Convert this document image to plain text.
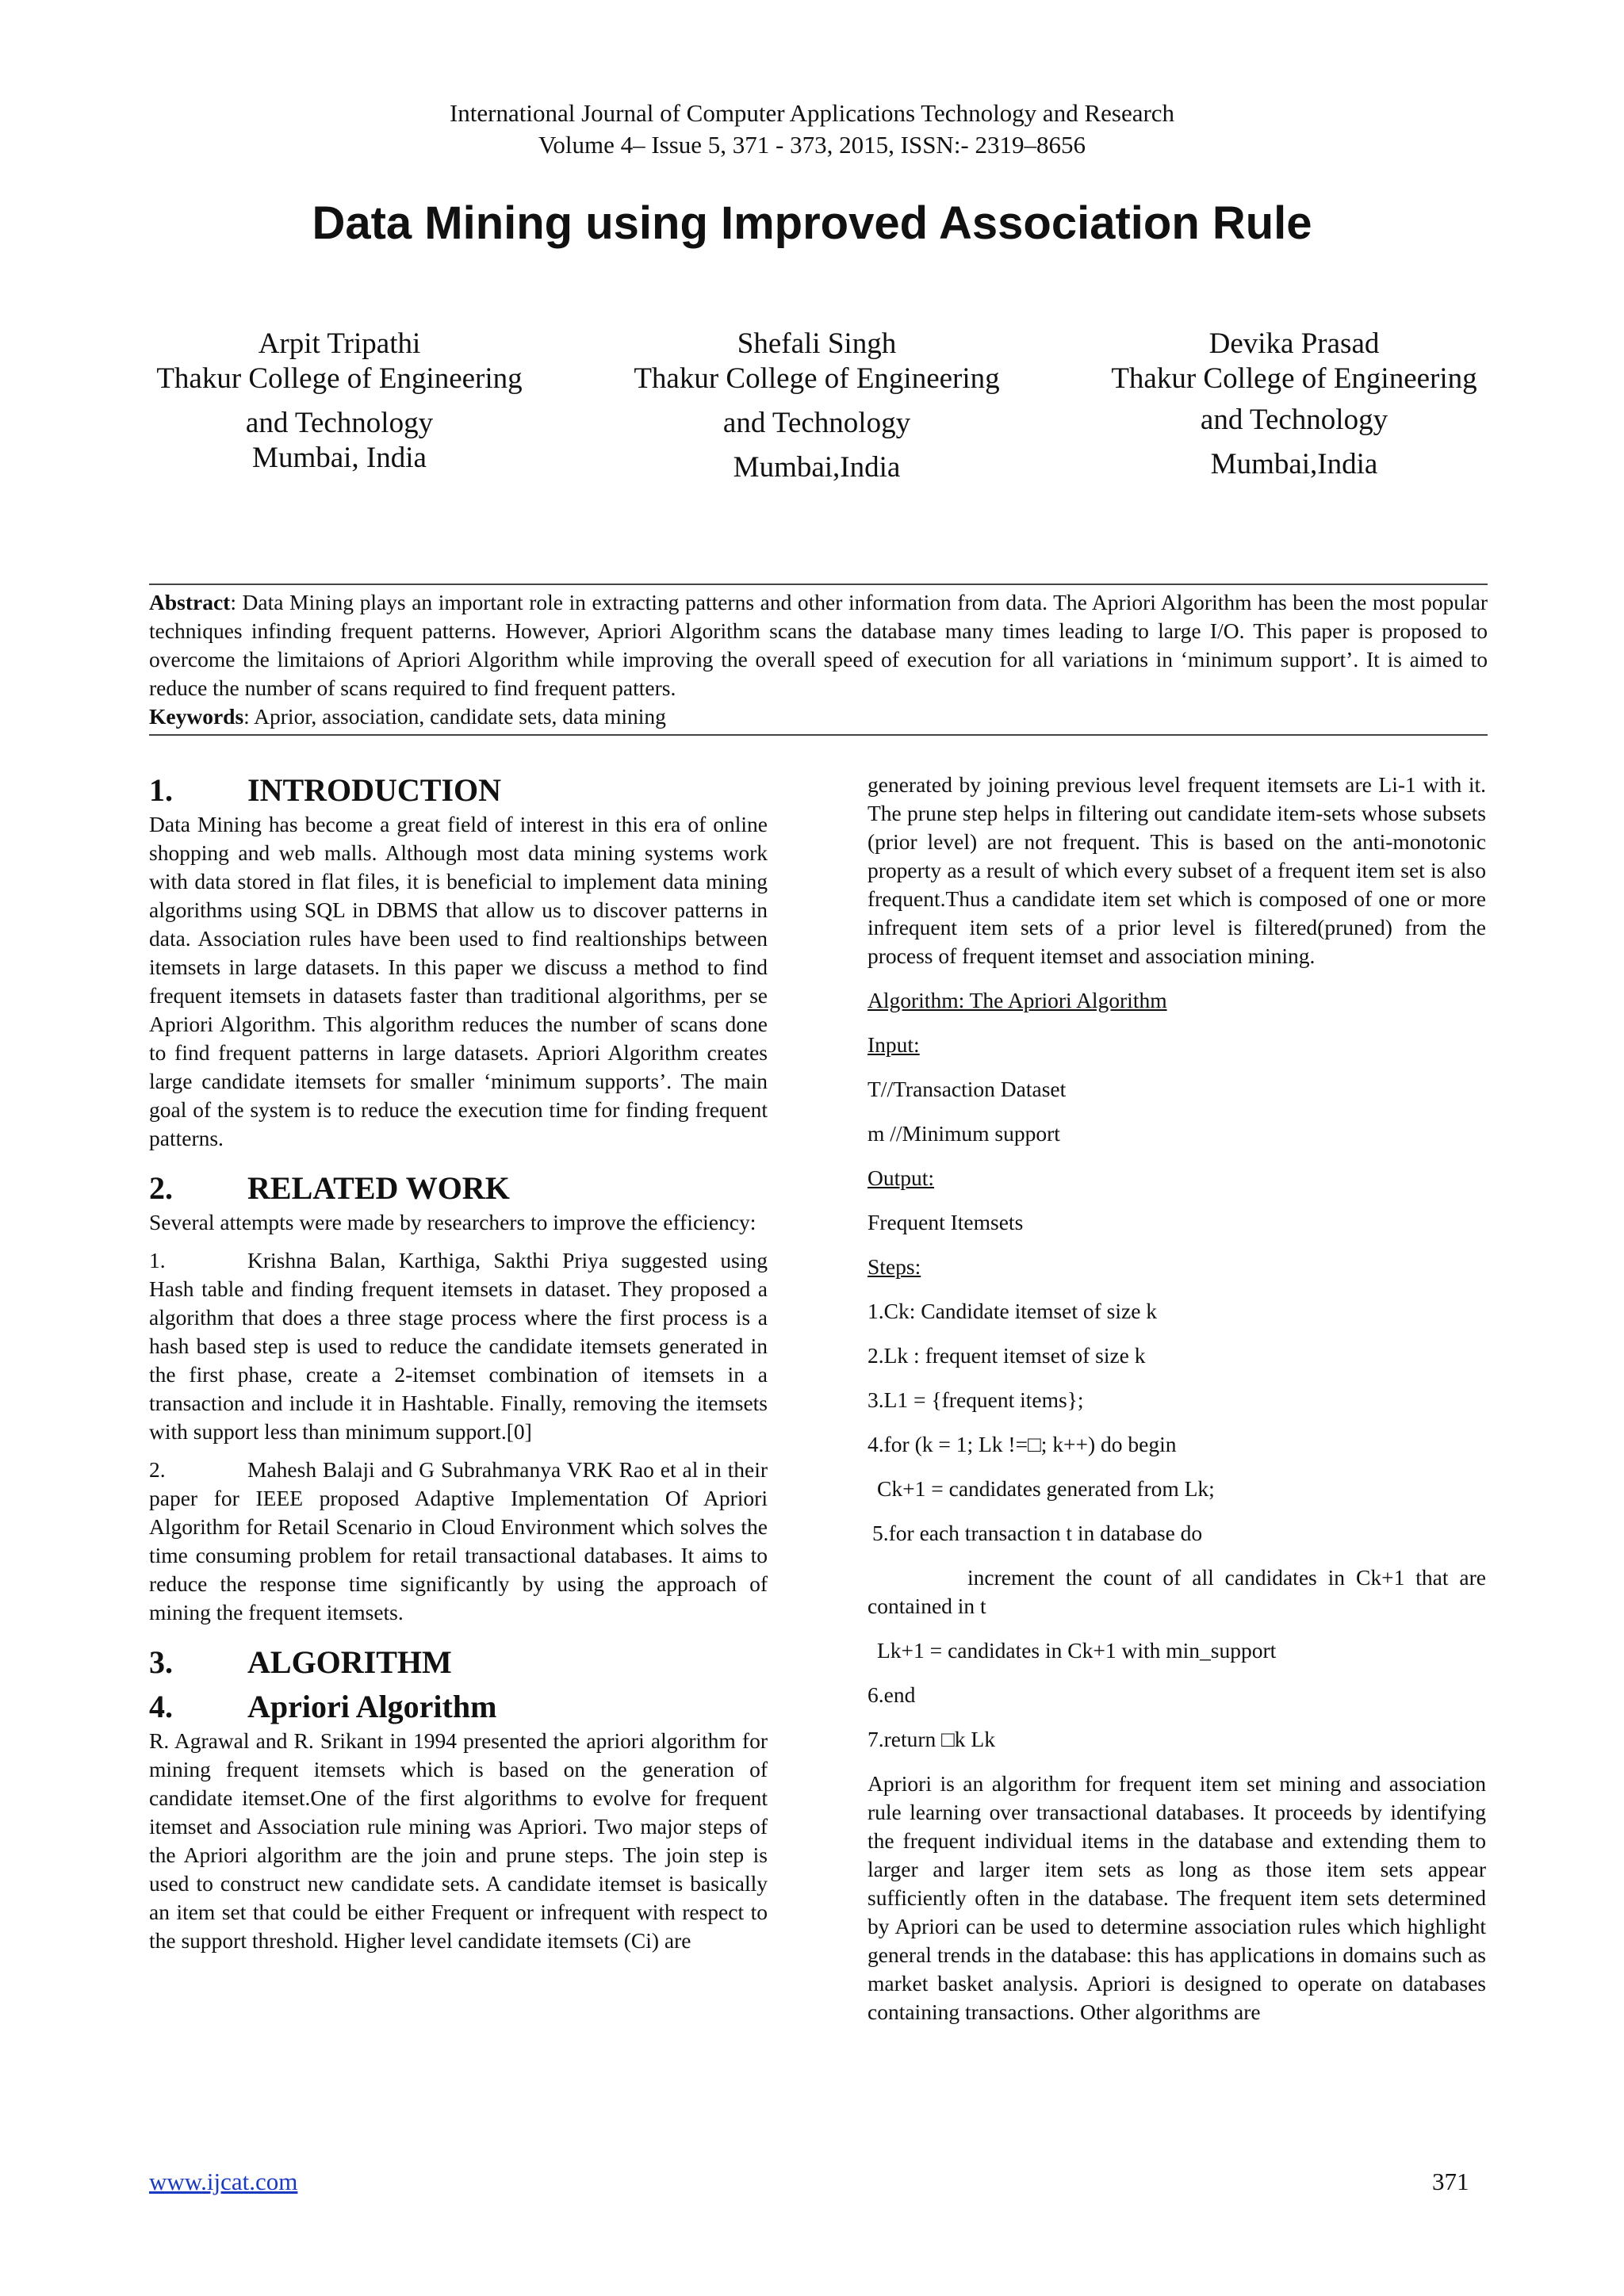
International Journal of Computer Applications Technology and Research
Volume 4– Issue 5, 371 - 373, 2015, ISSN:- 2319–8656
Data Mining using Improved Association Rule
Arpit Tripathi
Thakur College of Engineering
and Technology
Mumbai, India
Shefali Singh
Thakur College of Engineering
and Technology
Mumbai,India
Devika Prasad
Thakur College of Engineering
and Technology
Mumbai,India

Abstract: Data Mining plays an important role in extracting patterns and other information from data. The Apriori Algorithm has been the most popular techniques infinding frequent patterns. However, Apriori Algorithm scans the database many times leading to large I/O. This paper is proposed to overcome the limitaions of Apriori Algorithm while improving the overall speed of execution for all variations in ‘minimum support’. It is aimed to reduce the number of scans required to find frequent patters.

Keywords: Aprior, association, candidate sets, data mining

1. INTRODUCTION

Data Mining has become a great field of interest in this era of online shopping and web malls. Although most data mining systems work with data stored in flat files, it is beneficial to implement data mining algorithms using SQL in DBMS that allow us to discover patterns in data. Association rules have been used to find realtionships between itemsets in large datasets. In this paper we discuss a method to find frequent itemsets in datasets faster than traditional algorithms, per se Apriori Algorithm. This algorithm reduces the number of scans done to find frequent patterns in large datasets. Apriori Algorithm creates large candidate itemsets for smaller ‘minimum supports’. The main goal of the system is to reduce the execution time for finding frequent patterns.

2. RELATED WORK

Several attempts were made by researchers to improve the efficiency:

1.	Krishna Balan, Karthiga, Sakthi Priya suggested using Hash table and finding frequent itemsets in dataset. They proposed a algorithm that does a three stage process where the first process is a hash based step is used to reduce the candidate itemsets generated in the first phase, create a 2-itemset combination of itemsets in a transaction and include it in Hashtable. Finally, removing the itemsets with support less than minimum support.[0]

2.	Mahesh Balaji and G Subrahmanya VRK Rao et al in their paper for IEEE proposed Adaptive Implementation Of Apriori Algorithm for Retail Scenario in Cloud Environment which solves the time consuming problem for retail transactional databases. It aims to reduce the response time significantly by using the approach of mining the frequent itemsets.

3. ALGORITHM
4. Apriori Algorithm

R. Agrawal and R. Srikant in 1994 presented the apriori algorithm for mining frequent itemsets which is based on the generation of candidate itemset.One of the first algorithms to evolve for frequent itemset and Association rule mining was Apriori. Two major steps of the Apriori algorithm are the join and prune steps. The join step is used to construct new candidate sets. A candidate itemset is basically an item set that could be either Frequent or infrequent with respect to the support threshold. Higher level candidate itemsets (Ci) are

generated by joining previous level frequent itemsets are Li-1 with it. The prune step helps in filtering out candidate item-sets whose subsets (prior level) are not frequent. This is based on the anti-monotonic property as a result of which every subset of a frequent item set is also frequent.Thus a candidate item set which is composed of one or more infrequent item sets of a prior level is filtered(pruned) from the process of frequent itemset and association mining.

Algorithm: The Apriori Algorithm
Input:
T//Transaction Dataset
m //Minimum support
Output:
Frequent Itemsets
Steps:
1.Ck: Candidate itemset of size k
2.Lk : frequent itemset of size k
3.L1 = {frequent items};
4.for (k = 1; Lk !=□; k++) do begin
Ck+1 = candidates generated from Lk;
5.for each transaction t in database do

increment the count of all candidates in Ck+1 that are contained in t

Lk+1 = candidates in Ck+1 with min_support
6.end
7.return □k Lk

Apriori is an algorithm for frequent item set mining and association rule learning over transactional databases. It proceeds by identifying the frequent individual items in the database and extending them to larger and larger item sets as long as those item sets appear sufficiently often in the database. The frequent item sets determined by Apriori can be used to determine association rules which highlight general trends in the database: this has applications in domains such as market basket analysis. Apriori is designed to operate on databases containing transactions. Other algorithms are

www.ijcat.com	371
